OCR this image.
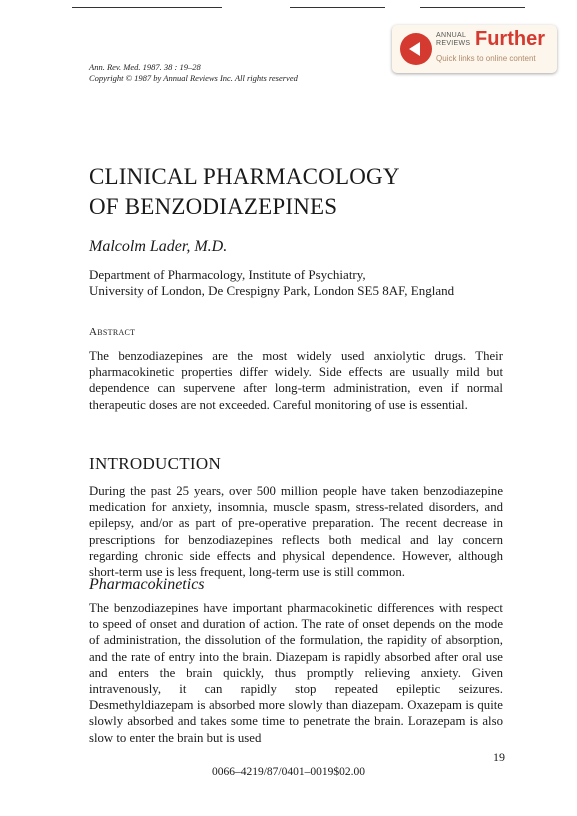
Ann. Rev. Med. 1987. 38 : 19–28
Copyright © 1987 by Annual Reviews Inc. All rights reserved
ANNUAL
REVIEWS Further
Quick links to online content
CLINICAL PHARMACOLOGY
OF BENZODIAZEPINES
Malcolm Lader, M.D.
Department of Pharmacology, Institute of Psychiatry,
University of London, De Crespigny Park, London SE5 8AF, England
Abstract
The benzodiazepines are the most widely used anxiolytic drugs. Their pharmacokinetic properties differ widely. Side effects are usually mild but dependence can supervene after long-term administration, even if normal therapeutic doses are not exceeded. Careful monitoring of use is essential.
INTRODUCTION
During the past 25 years, over 500 million people have taken benzodiazepine medication for anxiety, insomnia, muscle spasm, stress-related disorders, and epilepsy, and/or as part of pre-operative preparation. The recent decrease in prescriptions for benzodiazepines reflects both medical and lay concern regarding chronic side effects and physical dependence. However, although short-term use is less frequent, long-term use is still common.
Pharmacokinetics
The benzodiazepines have important pharmacokinetic differences with respect to speed of onset and duration of action. The rate of onset depends on the mode of administration, the dissolution of the formulation, the rapidity of absorption, and the rate of entry into the brain. Diazepam is rapidly absorbed after oral use and enters the brain quickly, thus promptly relieving anxiety. Given intravenously, it can rapidly stop repeated epileptic seizures. Desmethyldiazepam is absorbed more slowly than diazepam. Oxazepam is quite slowly absorbed and takes some time to penetrate the brain. Lorazepam is also slow to enter the brain but is used
19
0066–4219/87/0401–0019$02.00
